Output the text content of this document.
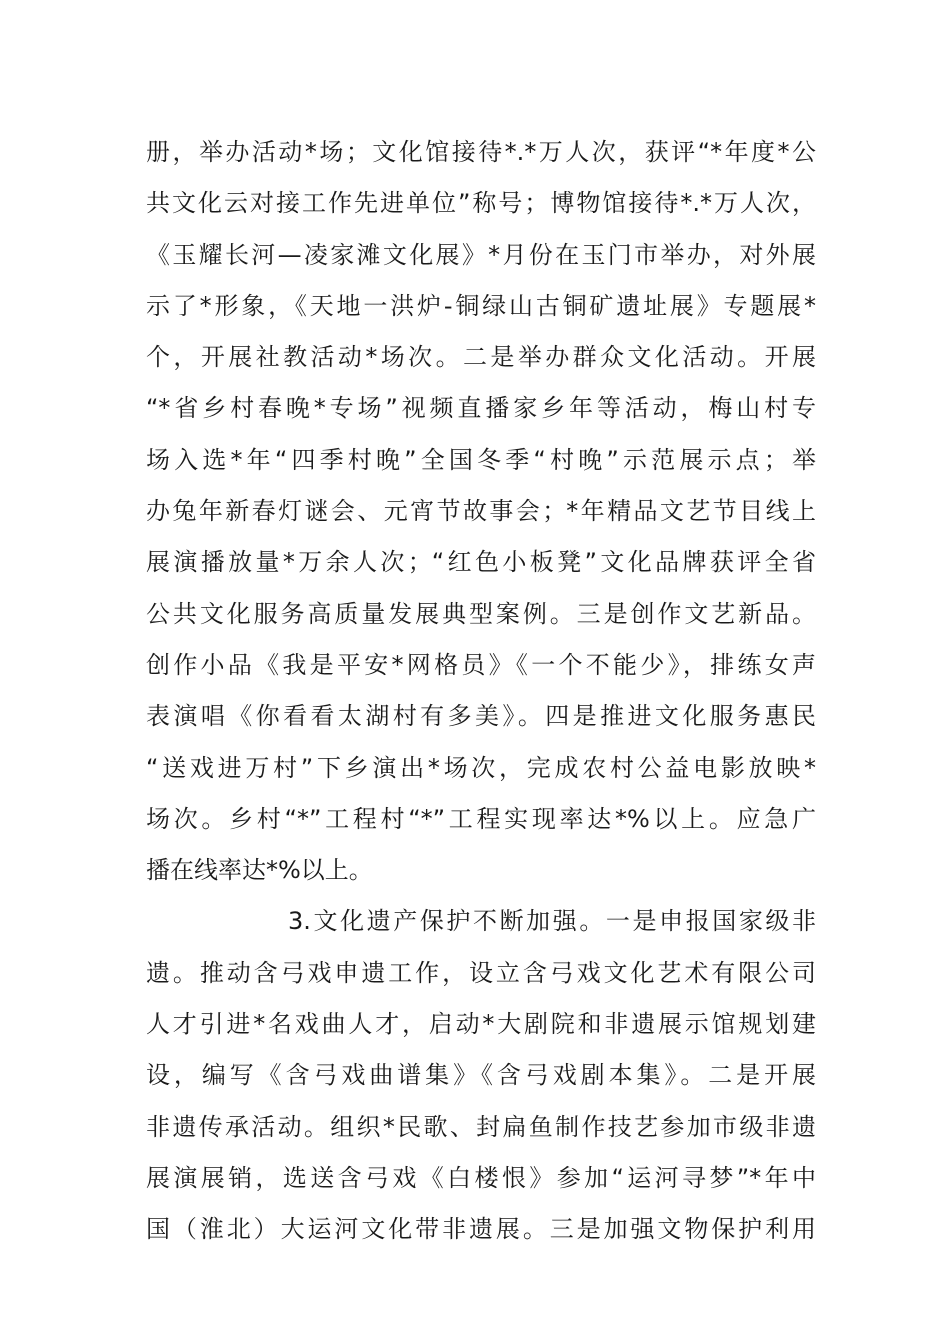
册，举办活动*场；文化馆接待*.*万人次，获评“*年度*公
共文化云对接工作先进单位”称号；博物馆接待*.*万人次，
《玉耀长河—凌家滩文化展》*月份在玉门市举办，对外展
示了*形象，《天地一洪炉-铜绿山古铜矿遗址展》专题展*
个，开展社教活动*场次。二是举办群众文化活动。开展
“*省乡村春晚*专场”视频直播家乡年等活动，梅山村专
场入选*年“四季村晚”全国冬季“村晚”示范展示点；举
办兔年新春灯谜会、元宵节故事会；*年精品文艺节目线上
展演播放量*万余人次；“红色小板凳”文化品牌获评全省
公共文化服务高质量发展典型案例。三是创作文艺新品。
创作小品《我是平安*网格员》《一个不能少》，排练女声
表演唱《你看看太湖村有多美》。四是推进文化服务惠民
“送戏进万村”下乡演出*场次，完成农村公益电影放映*
场次。乡村“*”工程村“*”工程实现率达*%以上。应急广
播在线率达*%以上。
3.文化遗产保护不断加强。一是申报国家级非
遗。推动含弓戏申遗工作，设立含弓戏文化艺术有限公司
人才引进*名戏曲人才，启动*大剧院和非遗展示馆规划建
设，编写《含弓戏曲谱集》《含弓戏剧本集》。二是开展
非遗传承活动。组织*民歌、封扁鱼制作技艺参加市级非遗
展演展销，选送含弓戏《白楼恨》参加“运河寻梦”*年中
国（淮北）大运河文化带非遗展。三是加强文物保护利用
